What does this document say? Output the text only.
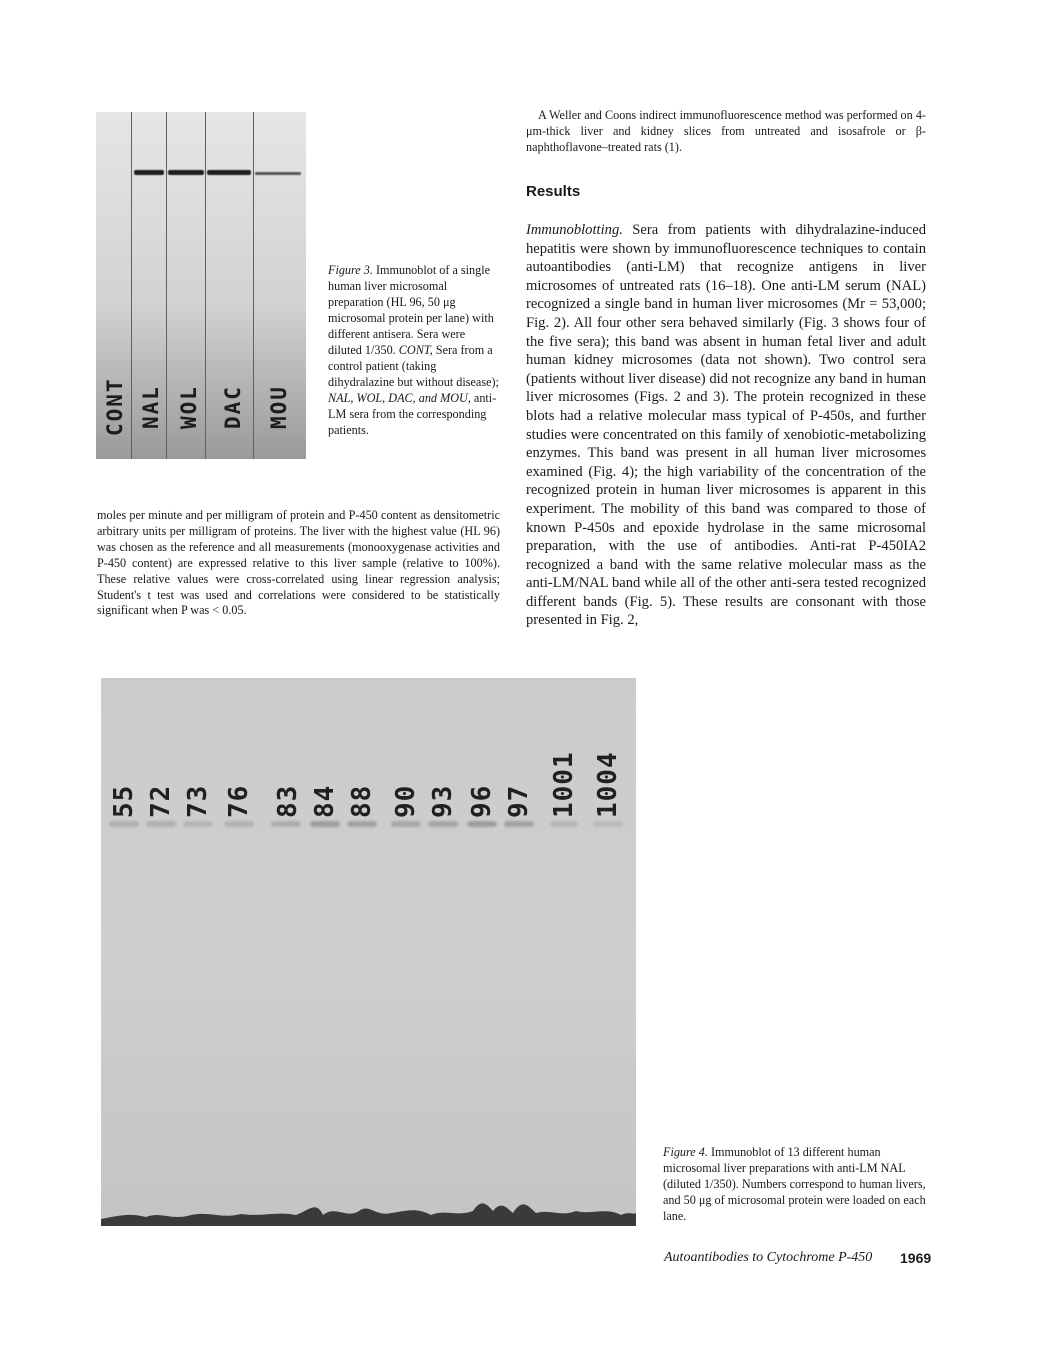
CONT NAL WOL DAC MOU
Figure 3. Immunoblot of a single human liver microsomal preparation (HL 96, 50 μg microsomal protein per lane) with different antisera. Sera were diluted 1/350. CONT, Sera from a control patient (taking dihydralazine but without disease); NAL, WOL, DAC, and MOU, anti-LM sera from the corresponding patients.

moles per minute and per milligram of protein and P-450 content as densitometric arbitrary units per milligram of proteins. The liver with the highest value (HL 96) was chosen as the reference and all measurements (monooxygenase activities and P-450 content) are expressed relative to this liver sample (relative to 100%). These relative values were cross-correlated using linear regression analysis; Student's t test was used and correlations were considered to be statistically significant when P was < 0.05.

A Weller and Coons indirect immunofluorescence method was performed on 4-μm-thick liver and kidney slices from untreated and isosafrole or β-naphthoflavone–treated rats (1).

Results

Immunoblotting. Sera from patients with dihydralazine-induced hepatitis were shown by immunofluorescence techniques to contain autoantibodies (anti-LM) that recognize antigens in liver microsomes of untreated rats (16–18). One anti-LM serum (NAL) recognized a single band in human liver microsomes (Mr = 53,000; Fig. 2). All four other sera behaved similarly (Fig. 3 shows four of the five sera); this band was absent in human fetal liver and adult human kidney microsomes (data not shown). Two control sera (patients without liver disease) did not recognize any band in human liver microsomes (Figs. 2 and 3). The protein recognized in these blots had a relative molecular mass typical of P-450s, and further studies were concentrated on this family of xenobiotic-metabolizing enzymes. This band was present in all human liver microsomes examined (Fig. 4); the high variability of the concentration of the recognized protein in human liver microsomes is apparent in this experiment. The mobility of this band was compared to those of known P-450s and epoxide hydrolase in the same microsomal preparation, with the use of antibodies. Anti-rat P-450IA2 recognized a band with the same relative molecular mass as the anti-LM/NAL band while all of the other anti-sera tested recognized different bands (Fig. 5). These results are consonant with those presented in Fig. 2,

55 72 73 76 83 84 88 90 93 96 97 1001 1004
Figure 4. Immunoblot of 13 different human microsomal liver preparations with anti-LM NAL (diluted 1/350). Numbers correspond to human livers, and 50 μg of microsomal protein were loaded on each lane.
Autoantibodies to Cytochrome P-450 1969
